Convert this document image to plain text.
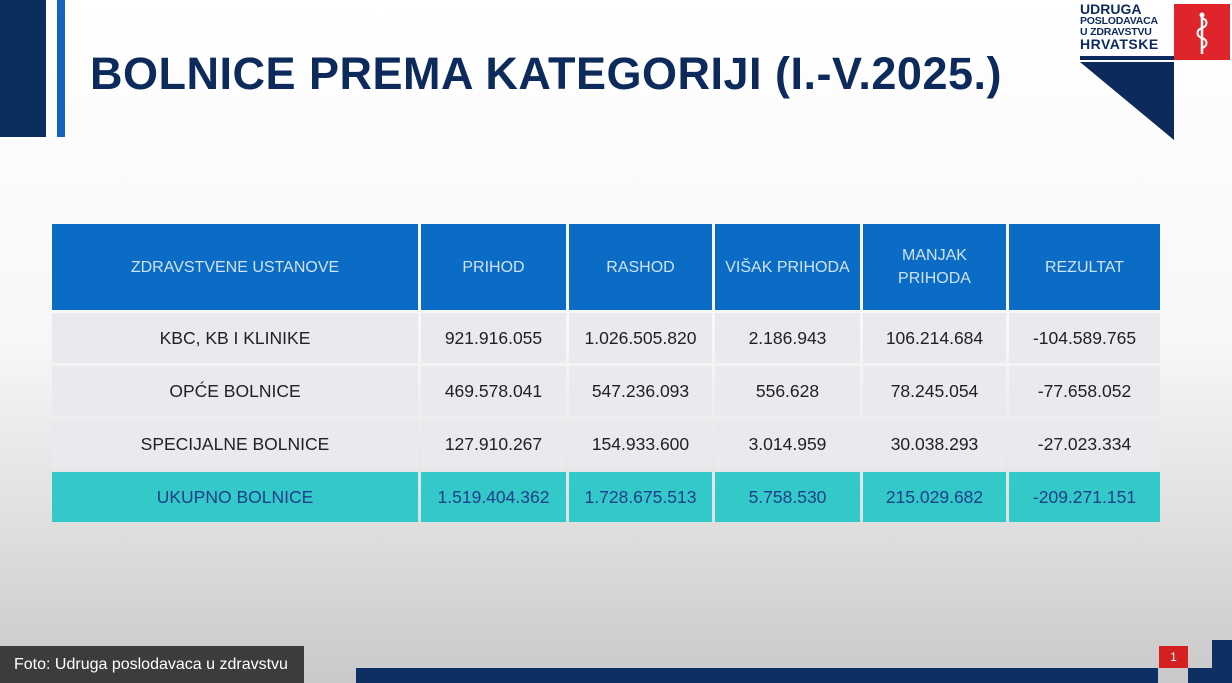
BOLNICE PREMA KATEGORIJI (I.-V.2025.)
UDRUGA
POSLODAVACA
U ZDRAVSTVU
HRVATSKE
ZDRAVSTVENE USTANOVE	PRIHOD	RASHOD	VIŠAK PRIHODA	MANJAK PRIHODA	REZULTAT
KBC, KB I KLINIKE	921.916.055	1.026.505.820	2.186.943	106.214.684	-104.589.765
OPĆE BOLNICE	469.578.041	547.236.093	556.628	78.245.054	-77.658.052
SPECIJALNE BOLNICE	127.910.267	154.933.600	3.014.959	30.038.293	-27.023.334
UKUPNO BOLNICE	1.519.404.362	1.728.675.513	5.758.530	215.029.682	-209.271.151
1
Foto: Udruga poslodavaca u zdravstvu
